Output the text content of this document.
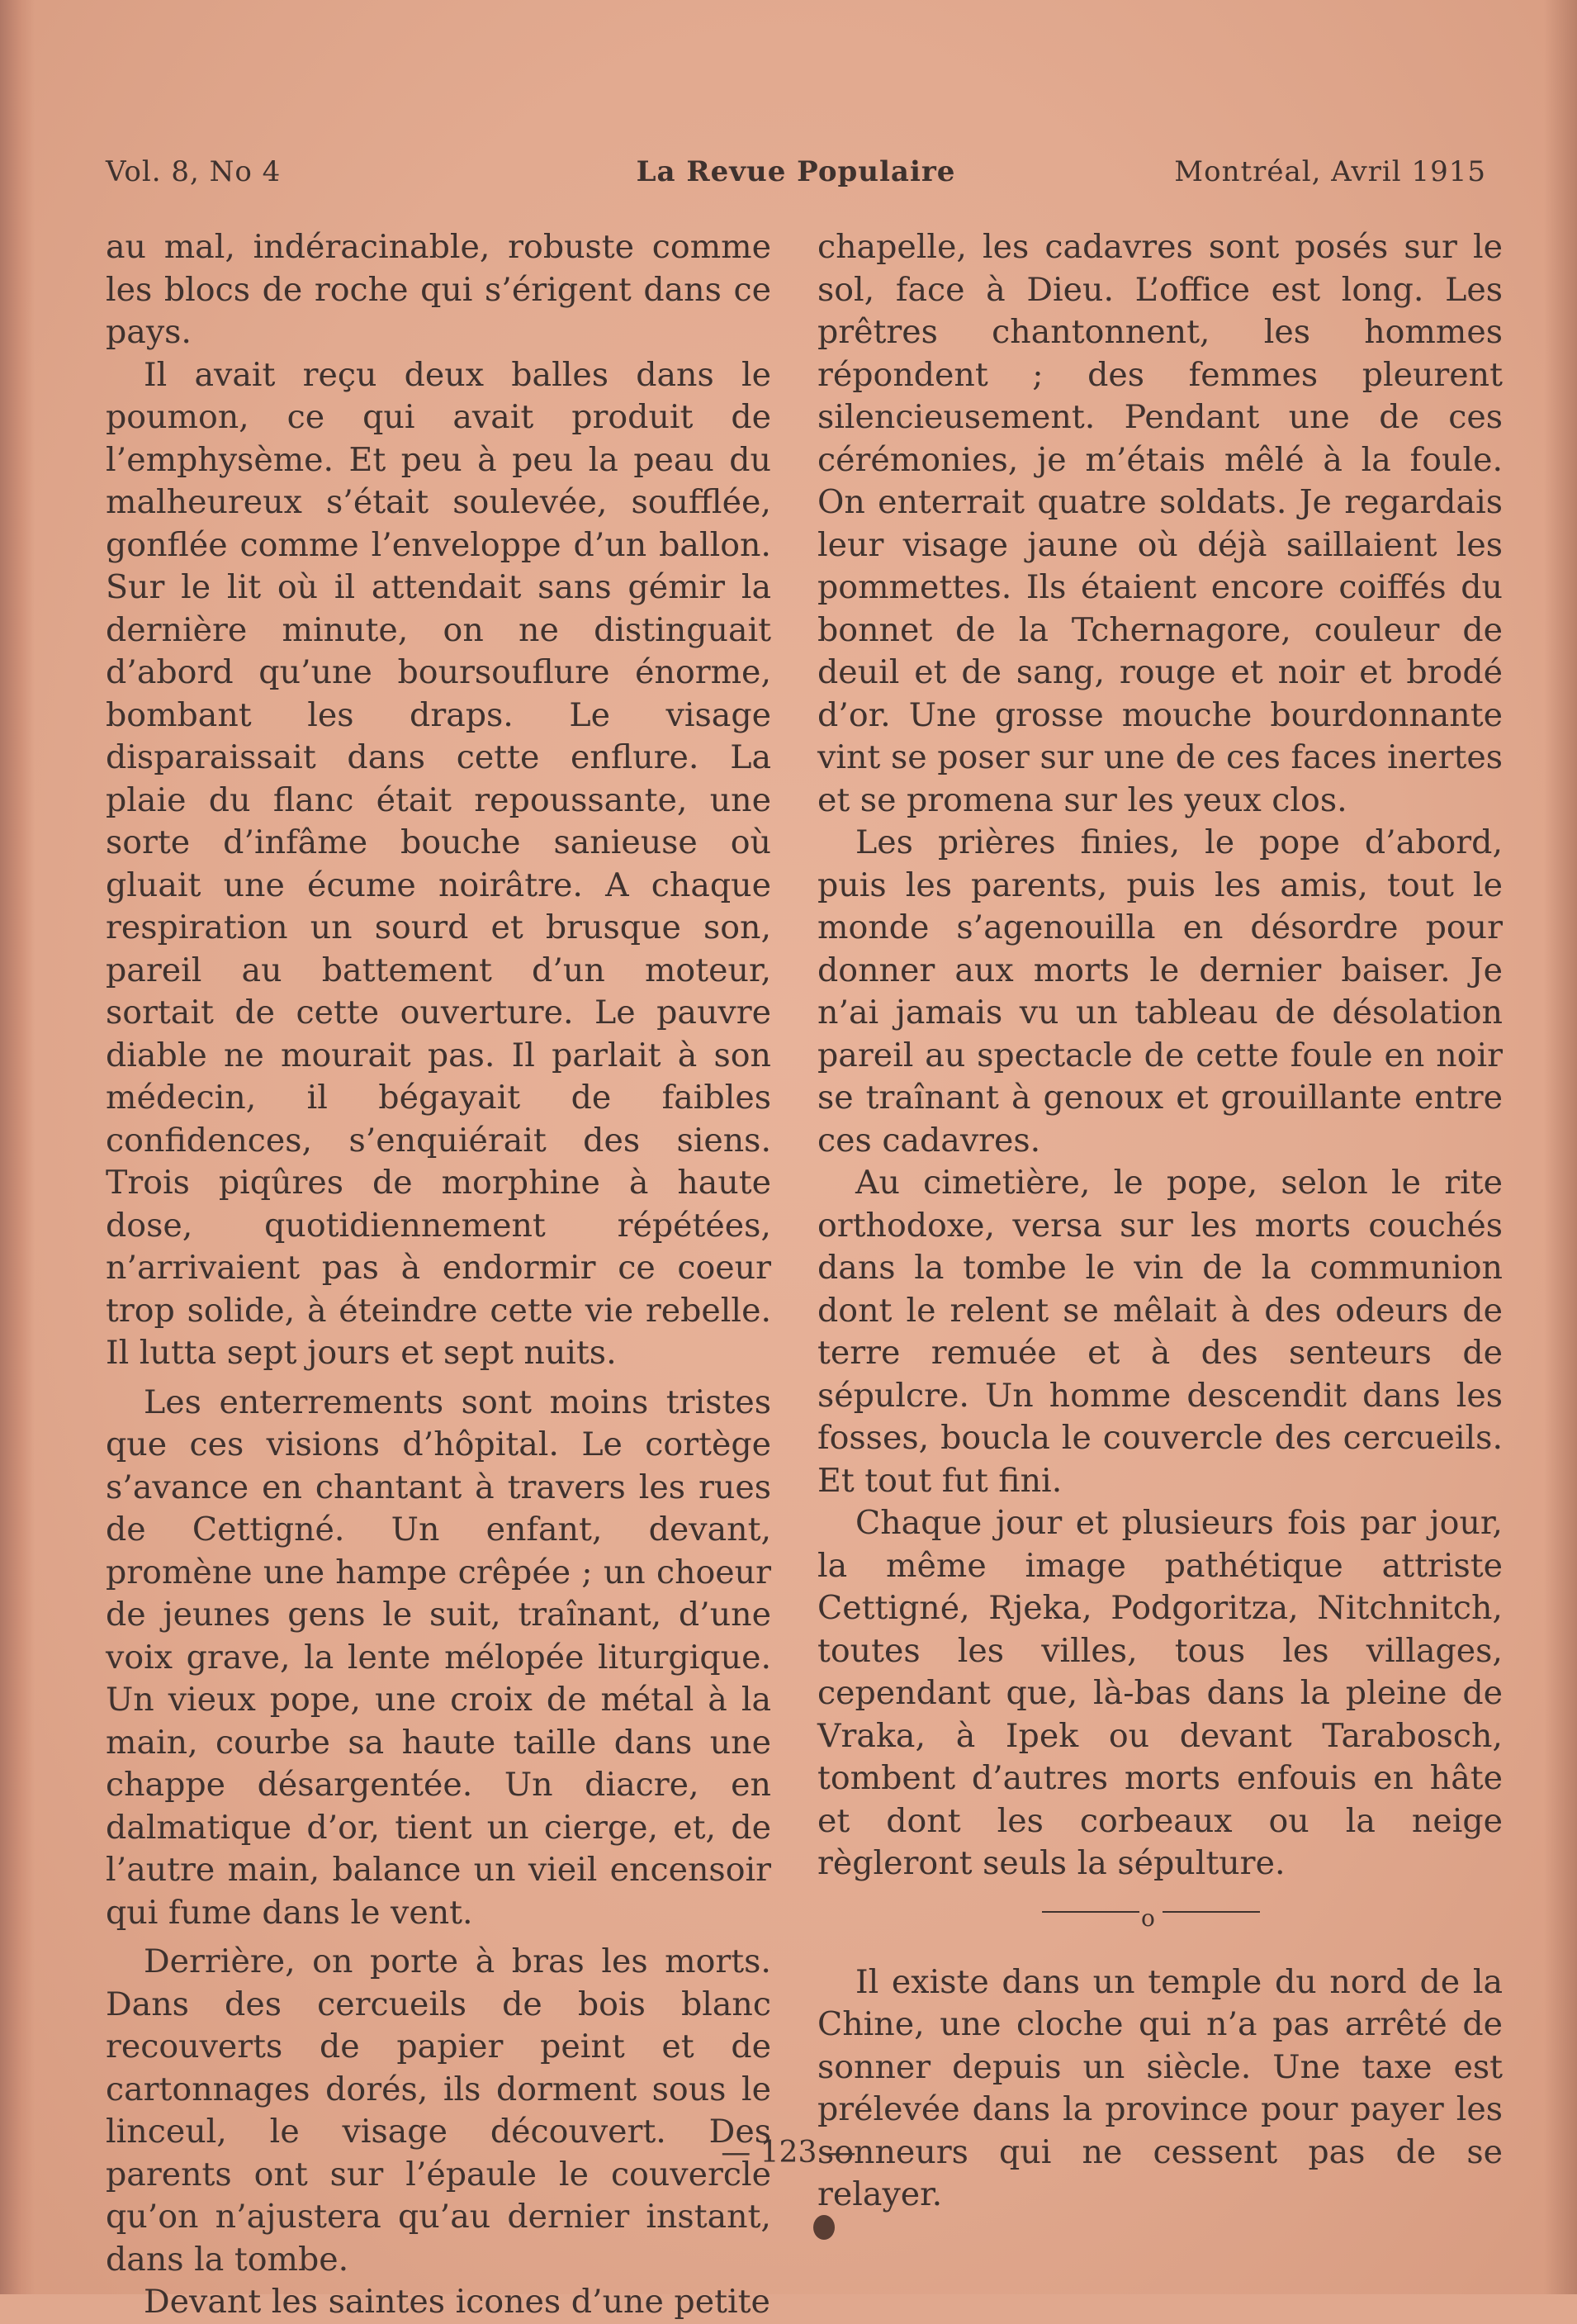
Vol. 8, No 4	La Revue Populaire	Montréal, Avril 1915

au mal, indéracinable, robuste comme les blocs de roche qui s’érigent dans ce pays.

Il avait reçu deux balles dans le poumon, ce qui avait produit de l’emphysème. Et peu à peu la peau du malheureux s’était soulevée, soufflée, gonflée comme l’enveloppe d’un ballon. Sur le lit où il attendait sans gémir la dernière minute, on ne distinguait d’abord qu’une boursouflure énorme, bombant les draps. Le visage disparaissait dans cette enflure. La plaie du flanc était repoussante, une sorte d’infâme bouche sanieuse où gluait une écume noirâtre. A chaque respiration un sourd et brusque son, pareil au battement d’un moteur, sortait de cette ouverture. Le pauvre diable ne mourait pas. Il parlait à son médecin, il bégayait de faibles confidences, s’enquiérait des siens. Trois piqûres de morphine à haute dose, quotidiennement répétées, n’arrivaient pas à endormir ce coeur trop solide, à éteindre cette vie rebelle. Il lutta sept jours et sept nuits.

Les enterrements sont moins tristes que ces visions d’hôpital. Le cortège s’avance en chantant à travers les rues de Cettigné. Un enfant, devant, promène une hampe crêpée ; un choeur de jeunes gens le suit, traînant, d’une voix grave, la lente mélopée liturgique. Un vieux pope, une croix de métal à la main, courbe sa haute taille dans une chappe désargentée. Un diacre, en dalmatique d’or, tient un cierge, et, de l’autre main, balance un vieil encensoir qui fume dans le vent.

Derrière, on porte à bras les morts. Dans des cercueils de bois blanc recouverts de papier peint et de cartonnages dorés, ils dorment sous le linceul, le visage découvert. Des parents ont sur l’épaule le couvercle qu’on n’ajustera qu’au dernier instant, dans la tombe.

Devant les saintes icones d’une petite

chapelle, les cadavres sont posés sur le sol, face à Dieu. L’office est long. Les prêtres chantonnent, les hommes répondent ; des femmes pleurent silencieusement. Pendant une de ces cérémonies, je m’étais mêlé à la foule. On enterrait quatre soldats. Je regardais leur visage jaune où déjà saillaient les pommettes. Ils étaient encore coiffés du bonnet de la Tchernagore, couleur de deuil et de sang, rouge et noir et brodé d’or. Une grosse mouche bourdonnante vint se poser sur une de ces faces inertes et se promena sur les yeux clos.

Les prières finies, le pope d’abord, puis les parents, puis les amis, tout le monde s’agenouilla en désordre pour donner aux morts le dernier baiser. Je n’ai jamais vu un tableau de désolation pareil au spectacle de cette foule en noir se traînant à genoux et grouillante entre ces cadavres.

Au cimetière, le pope, selon le rite orthodoxe, versa sur les morts couchés dans la tombe le vin de la communion dont le relent se mêlait à des odeurs de terre remuée et à des senteurs de sépulcre. Un homme descendit dans les fosses, boucla le couvercle des cercueils. Et tout fut fini.

Chaque jour et plusieurs fois par jour, la même image pathétique attriste Cettigné, Rjeka, Podgoritza, Nitchnitch, toutes les villes, tous les villages, cependant que, là-bas dans la pleine de Vraka, à Ipek ou devant Tarabosch, tombent d’autres morts enfouis en hâte et dont les corbeaux ou la neige règleront seuls la sépulture.

o

Il existe dans un temple du nord de la Chine, une cloche qui n’a pas arrêté de sonner depuis un siècle. Une taxe est prélevée dans la province pour payer les sonneurs qui ne cessent pas de se relayer.

— 123 —
